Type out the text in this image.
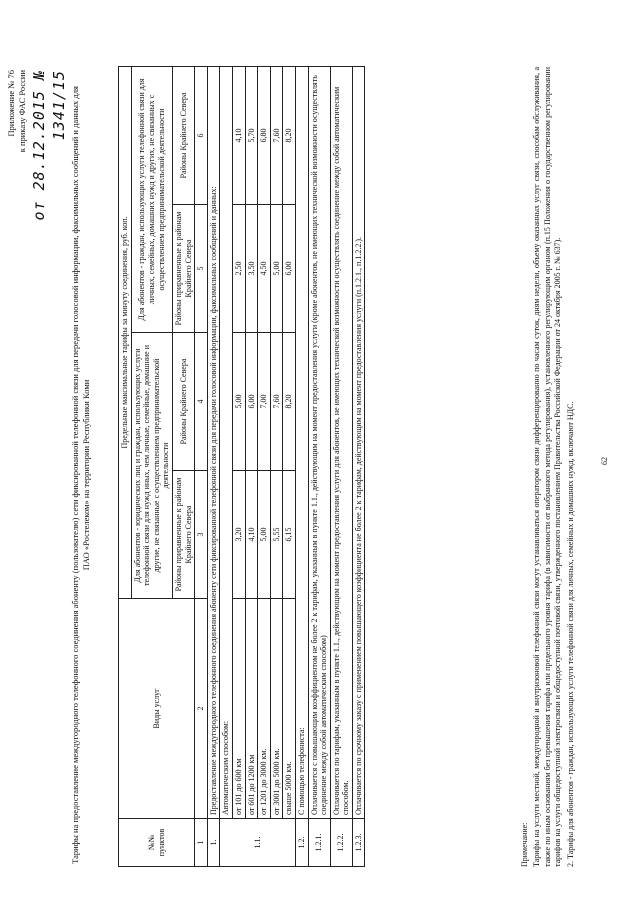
Приложение № 76 к приказу ФАС России от 28.12.2015 № 1341/15 Тарифы на предоставление междугородного телефонного соединения абоненту (пользователю) сети фиксированной телефонной связи для передачи голосовой информации, факсимильных сообщений и данных для ПАО «Ростелеком» на территории Республики Коми
№№ пунктов	Виды услуг	Предельные максимальные тарифы за минуту соединения, руб. коп.			
		Для абонентов - юридических лиц и граждан, использующих услуги телефонной связи для нужд иных, чем личные, семейные, домашние и другие, не связанные с осуществлением предпринимательской деятельности		Для абонентов - граждан, использующих услуги телефонной связи для личных, семейных, домашних нужд и других, не связанных с осуществлением предпринимательской деятельности	
		Районы приравненные к районам Крайнего Севера	Районы Крайнего Севера	Районы приравненные к районам Крайнего Севера	Районы Крайнего Севера
1	2	3	4	5	6
1.	Предоставление междугородного телефонного соединения абоненту сети фиксированной телефонной связи для передачи голосовой информации, факсимильных сообщений и данных:				
1.1.	Автоматическим способом:				
	от 101 до 600 км	3,20	5,00	2,50	4,10
	от 601 до 1200 км	4,10	6,00	3,50	5,70
	от 1201 до 3000 км.	5,00	7,00	4,50	6,80
	от 3001 до 5000 км.	5,55	7,60	5,00	7,60
	свыше 5000 км.	6,15	8,20	6,00	8,20
1.2.	С помощью телефониста:				
1.2.1.	Оплачивается с повышающим коэффициентом не более 2 к тарифам, указанным в пункте 1.1., действующим на момент предоставления услуги (кроме абонентов, не имеющих технической возможности осуществлять соединение между собой автоматическим способом)				
1.2.2.	Оплачивается по тарифам, указанным в пункте 1.1., действующим на момент предоставления услуги для абонентов, не имеющих технической возможности осуществлять соединение между собой автоматическим способом.				
1.2.3.	Оплачивается по срочному заказу с применением повышающего коэффициента не более 2 к тарифам, действующим на момент предоставления услуги (п.1.2.1., п.1.2.2.).				

Примечание: Тарифы на услуги местной, междугородной и внутризоновой телефонной связи могут устанавливаться оператором связи дифференцированно по часам суток, дням недели, объему оказанных услуг связи, способам обслуживания, а также по иным основаниям без превышения тарифа или предельного уровня тарифа (в зависимости от выбранного метода регулирования), установленного регулирующим органом (п.15 Положения о государственном регулировании тарифов на услуги общедоступной электросвязи и общедоступной почтовой связи, утвержденного постановлением Правительства Российской Федерации от 24 октября 2005 г. № 637). 2. Тарифы для абонентов - граждан, использующих услуги телефонной связи для личных, семейных и домашних нужд, включают НДС.	62
